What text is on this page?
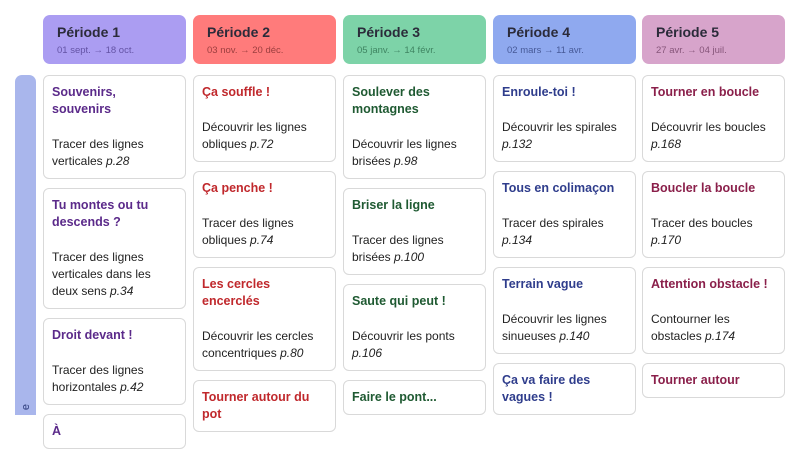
e
Période 1
01 sept. → 18 oct.
Souvenirs, souvenirs
Tracer des lignes verticales p.28
Tu montes ou tu descends ?
Tracer des lignes verticales dans les deux sens p.34
Droit devant !
Tracer des lignes horizontales p.42
À
Période 2
03 nov. → 20 déc.
Ça souffle !
Découvrir les lignes obliques p.72
Ça penche !
Tracer des lignes obliques p.74
Les cercles encerclés
Découvrir les cercles concentriques p.80
Tourner autour du pot
Période 3
05 janv. → 14 févr.
Soulever des montagnes
Découvrir les lignes brisées p.98
Briser la ligne
Tracer des lignes brisées p.100
Saute qui peut !
Découvrir les ponts p.106
Faire le pont...
Période 4
02 mars → 11 avr.
Enroule-toi !
Découvrir les spirales p.132
Tous en colimaçon
Tracer des spirales p.134
Terrain vague
Découvrir les lignes sinueuses p.140
Ça va faire des vagues !
Période 5
27 avr. → 04 juil.
Tourner en boucle
Découvrir les boucles p.168
Boucler la boucle
Tracer des boucles p.170
Attention obstacle !
Contourner les obstacles p.174
Tourner autour
